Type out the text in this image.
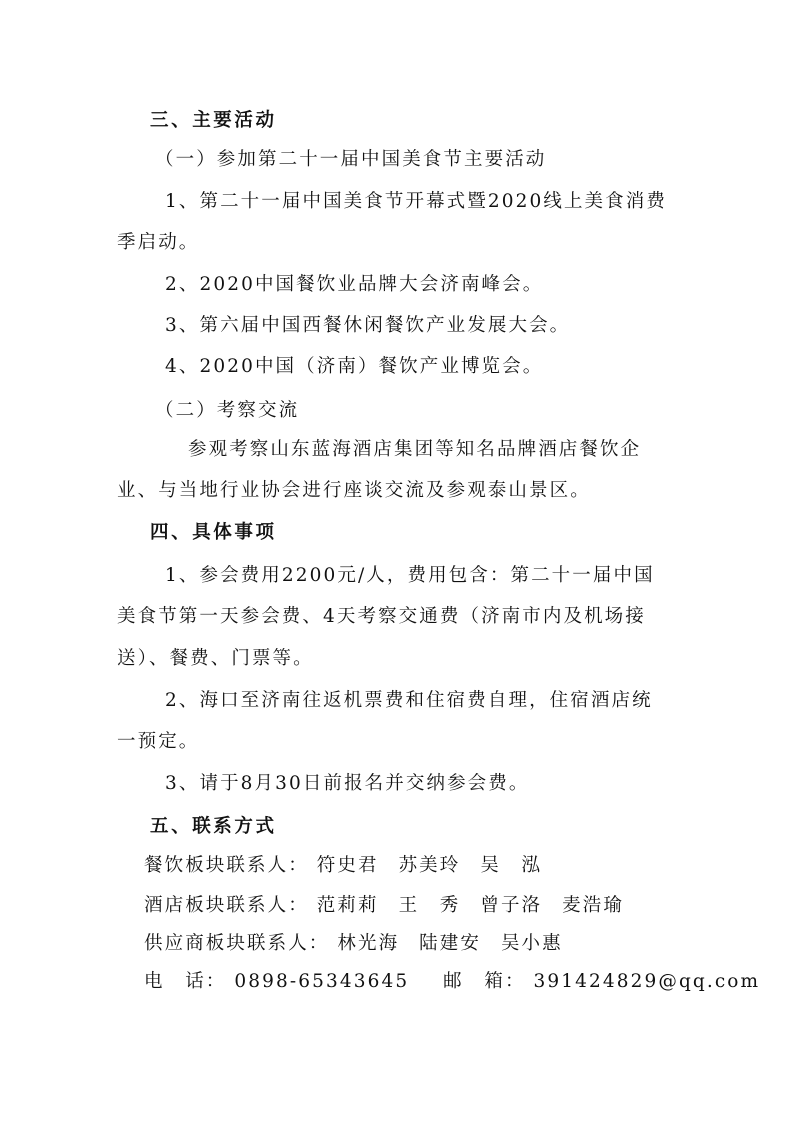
三、主要活动
（一）参加第二十一届中国美食节主要活动
1、第二十一届中国美食节开幕式暨2020线上美食消费
季启动。
2、2020中国餐饮业品牌大会济南峰会。
3、第六届中国西餐休闲餐饮产业发展大会。
4、2020中国（济南）餐饮产业博览会。
（二）考察交流
参观考察山东蓝海酒店集团等知名品牌酒店餐饮企
业、与当地行业协会进行座谈交流及参观泰山景区。
四、具体事项
1、参会费用2200元/人，费用包含：第二十一届中国
美食节第一天参会费、4天考察交通费（济南市内及机场接
送）、餐费、门票等。
2、海口至济南往返机票费和住宿费自理，住宿酒店统
一预定。
3、请于8月30日前报名并交纳参会费。
五、联系方式
餐饮板块联系人： 符史君 苏美玲 吴　泓
酒店板块联系人： 范莉莉 王　秀 曾子洛 麦浩瑜
供应商板块联系人： 林光海 陆建安 吴小惠
电　话： 0898-65343645 邮　箱： 391424829@qq.com
